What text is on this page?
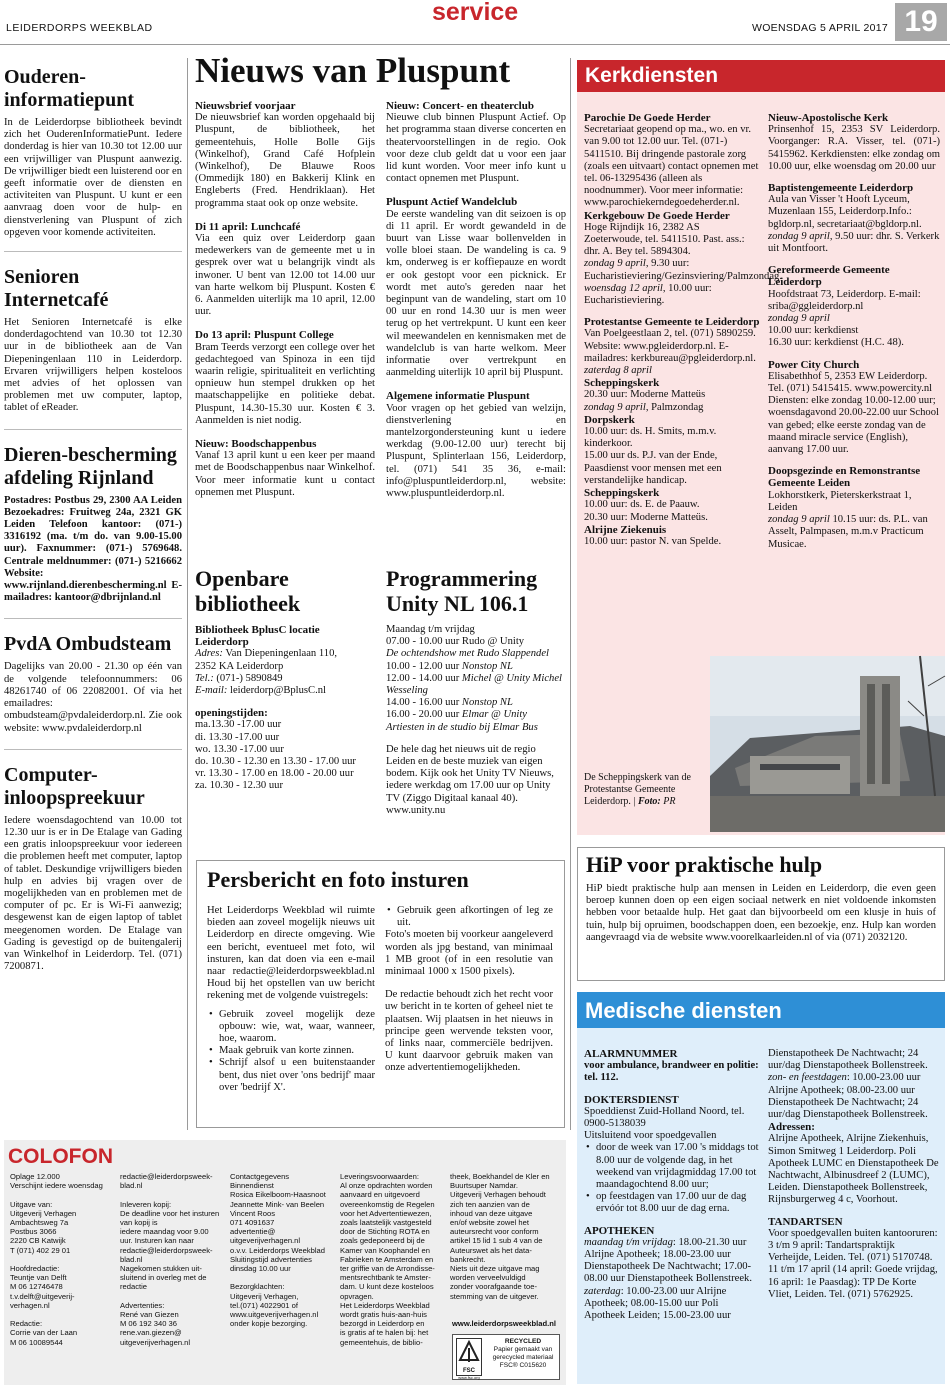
LEIDERDORPS WEEKBLAD
service
WOENSDAG 5 APRIL 2017 19
Ouderen-informatiepunt
In de Leiderdorpse bibliotheek bevindt zich het OuderenInformatiePunt. Iedere donderdag is hier van 10.30 tot 12.00 uur een vrijwilliger van Pluspunt aanwezig. De vrijwilliger biedt een luisterend oor en geeft informatie over de diensten en activiteiten van Pluspunt. U kunt er een aanvraag doen voor de hulp- en dienstverlening van Pluspunt of zich opgeven voor komende activiteiten.
Senioren Internetcafé
Het Senioren Internetcafé is elke donderdagochtend van 10.30 tot 12.30 uur in de bibliotheek aan de Van Diepeningenlaan 110 in Leiderdorp. Ervaren vrijwilligers helpen kosteloos met advies of het oplossen van problemen met uw computer, laptop, tablet of eReader.
Dieren-bescherming afdeling Rijnland
Postadres: Postbus 29, 2300 AA Leiden Bezoekadres: Fruitweg 24a, 2321 GK Leiden Telefoon kantoor: (071-) 3316192 (ma. t/m do. van 9.00-15.00 uur). Faxnummer: (071-) 5769648. Centrale meldnummer: (071-) 5216662 Website: www.rijnland.dierenbescherming.nl E-mailadres: kantoor@dbrijnland.nl
PvdA Ombudsteam
Dagelijks van 20.00 - 21.30 op één van de volgende telefoonnummers: 06 48261740 of 06 22082001. Of via het emailadres: ombudsteam@pvdaleiderdorp.nl. Zie ook website: www.pvdaleiderdorp.nl
Computer-inloopspreekuur
Iedere woensdagochtend van 10.00 tot 12.30 uur is er in De Etalage van Gading een gratis inloopspreekuur voor iedereen die problemen heeft met computer, laptop of tablet. Deskundige vrijwilligers bieden hulp en advies bij vragen over de mogelijkheden van en problemen met de computer of pc. Er is Wi-Fi aanwezig; desgewenst kan de eigen laptop of tablet meegenomen worden. De Etalage van Gading is gevestigd op de buitengalerij van Winkelhof in Leiderdorp. Tel. (071) 7200871.
Nieuws van Pluspunt
Nieuwsbrief voorjaar
De nieuwsbrief kan worden opgehaald bij Pluspunt, de bibliotheek, het gemeentehuis, Holle Bolle Gijs (Winkelhof), Grand Café Hofplein (Winkelhof), De Blauwe Roos (Ommedijk 180) en Bakkerij Klink en Engleberts (Fred. Hendriklaan). Het programma staat ook op onze website.
Di 11 april: Lunchcafé
Via een quiz over Leiderdorp gaan medewerkers van de gemeente met u in gesprek over wat u belangrijk vindt als inwoner. U bent van 12.00 tot 14.00 uur van harte welkom bij Pluspunt. Kosten € 6. Aanmelden uiterlijk ma 10 april, 12.00 uur.
Do 13 april: Pluspunt College
Bram Teerds verzorgt een college over het gedachtegoed van Spinoza in een tijd waarin religie, spiritualiteit en verlichting opnieuw hun stempel drukken op het maatschappelijke en politieke debat. Pluspunt, 14.30-15.30 uur. Kosten € 3. Aanmelden is niet nodig.
Nieuw: Boodschappenbus
Vanaf 13 april kunt u een keer per maand met de Boodschappenbus naar Winkelhof. Voor meer informatie kunt u contact opnemen met Pluspunt.
Nieuw: Concert- en theaterclub
Nieuwe club binnen Pluspunt Actief. Op het programma staan diverse concerten en theatervoorstellingen in de regio. Ook voor deze club geldt dat u voor een jaar lid kunt worden. Voor meer info kunt u contact opnemen met Pluspunt.
Pluspunt Actief Wandelclub
De eerste wandeling van dit seizoen is op di 11 april. Er wordt gewandeld in de buurt van Lisse waar bollenvelden in volle bloei staan. De wandeling is ca. 9 km, onderweg is er koffiepauze en wordt er ook gestopt voor een picknick. Er wordt met auto's gereden naar het beginpunt van de wandeling, start om 10 00 uur en rond 14.30 uur is men weer terug op het vertrekpunt. U kunt een keer wil meewandelen en kennismaken met de wandelclub is van harte welkom. Meer informatie over vertrekpunt en aanmelding uiterlijk 10 april bij Pluspunt.
Algemene informatie Pluspunt
Voor vragen op het gebied van welzijn, dienstverlening en mantelzorgondersteuning kunt u iedere werkdag (9.00-12.00 uur) terecht bij Pluspunt, Splinterlaan 156, Leiderdorp, tel. (071) 541 35 36, e-mail: info@pluspuntleiderdorp.nl, website: www.pluspuntleiderdorp.nl.
Openbare bibliotheek
Bibliotheek BplusC locatie Leiderdorp
Adres: Van Diepeningenlaan 110,
2352 KA Leiderdorp
Tel.: (071-) 5890849
E-mail: leiderdorp@BplusC.nl
openingstijden:
ma.13.30 -17.00 uur
di. 13.30 -17.00 uur
wo. 13.30 -17.00 uur
do. 10.30 - 12.30 en 13.30 - 17.00 uur
vr. 13.30 - 17.00 en 18.00 - 20.00 uur
za. 10.30 - 12.30 uur
Programmering Unity NL 106.1
Maandag t/m vrijdag
07.00 - 10.00 uur Rudo @ Unity
De ochtendshow met Rudo Slappendel
10.00 - 12.00 uur Nonstop NL
12.00 - 14.00 uur Michel @ Unity Michel Wesseling
14.00 - 16.00 uur Nonstop NL
16.00 - 20.00 uur Elmar @ Unity Artiesten in de studio bij Elmar Bus
De hele dag het nieuws uit de regio Leiden en de beste muziek van eigen bodem. Kijk ook het Unity TV Nieuws, iedere werkdag om 17.00 uur op Unity TV (Ziggo Digitaal kanaal 40). www.unity.nu
Persbericht en foto insturen
Het Leiderdorps Weekblad wil ruimte bieden aan zoveel mogelijk nieuws uit Leiderdorp en directe omgeving. Wie een bericht, eventueel met foto, wil insturen, kan dat doen via een e-mail naar redactie@leiderdorpsweekblad.nl Houd bij het opstellen van uw bericht rekening met de volgende vuistregels:
• Gebruik zoveel mogelijk deze opbouw: wie, wat, waar, wanneer, hoe, waarom.
• Maak gebruik van korte zinnen.
• Schrijf alsof u een buitenstaander bent, dus niet over 'ons bedrijf' maar over 'bedrijf X'.
• Gebruik geen afkortingen of leg ze uit.
Foto's moeten bij voorkeur aangeleverd worden als jpg bestand, van minimaal 1 MB groot (of in een resolutie van minimaal 1000 x 1500 pixels).
De redactie behoudt zich het recht voor uw bericht in te korten of geheel niet te plaatsen. Wij plaatsen in het nieuws in principe geen wervende teksten voor, of links naar, commerciële bedrijven. U kunt daarvoor gebruik maken van onze advertentiemogelijkheden.
Kerkdiensten
Parochie De Goede Herder
Secretariaat geopend op ma., wo. en vr. van 9.00 tot 12.00 uur. Tel. (071-) 5411510. Bij dringende pastorale zorg (zoals een uitvaart) contact opnemen met tel. 06-13295436 (alleen als noodnummer). Voor meer informatie: www.parochiekerndegoedeherder.nl.
Kerkgebouw De Goede Herder
Hoge Rijndijk 16, 2382 AS Zoeterwoude, tel. 5411510. Past. ass.: dhr. A. Bey tel. 5894304.
zondag 9 april, 9.30 uur: Eucharistieviering/Gezinsviering/Palmzondag.
woensdag 12 april, 10.00 uur: Eucharistieviering.
Protestantse Gemeente te Leiderdorp
Van Poelgeestlaan 2, tel. (071) 5890259. Website: www.pgleiderdorp.nl. E-mailadres: kerkbureau@pgleiderdorp.nl.
zaterdag 8 april
Scheppingskerk
20.30 uur: Moderne Matteüs
zondag 9 april, Palmzondag
Dorpskerk
10.00 uur: ds. H. Smits, m.m.v. kinderkoor.
15.00 uur ds. P.J. van der Ende, Paasdienst voor mensen met een verstandelijke handicap.
Scheppingskerk
10.00 uur: ds. E. de Paauw.
20.30 uur: Moderne Matteüs.
Alrijne Ziekenuis
10.00 uur: pastor N. van Spelde.
Nieuw-Apostolische Kerk
Prinsenhof 15, 2353 SV Leiderdorp. Voorganger: R.A. Visser, tel. (071-) 5415962. Kerkdiensten: elke zondag om 10.00 uur, elke woensdag om 20.00 uur
Baptistengemeente Leiderdorp
Aula van Visser 't Hooft Lyceum, Muzenlaan 155, Leiderdorp.Info.: bgldorp.nl, secretariaat@bgldorp.nl.
zondag 9 april, 9.50 uur: dhr. S. Verkerk uit Montfoort.
Gereformeerde Gemeente Leiderdorp
Hoofdstraat 73, Leiderdorp. E-mail: sriba@ggleiderdorp.nl
zondag 9 april
10.00 uur: kerkdienst
16.30 uur: kerkdienst (H.C. 48).
Power City Church
Elisabethhof 5, 2353 EW Leiderdorp. Tel. (071) 5415415. www.powercity.nl Diensten: elke zondag 10.00-12.00 uur; woensdagavond 20.00-22.00 uur School van gebed; elke eerste zondag van de maand miracle service (English), aanvang 17.00 uur.
Doopsgezinde en Remonstrantse Gemeente Leiden
Lokhorstkerk, Pieterskerkstraat 1, Leiden
zondag 9 april 10.15 uur: ds. P.L. van Asselt, Palmpasen, m.m.v Practicum Musicae.
De Scheppingskerk van de Protestantse Gemeente Leiderdorp. | Foto: PR
HiP voor praktische hulp
HiP biedt praktische hulp aan mensen in Leiden en Leiderdorp, die even geen beroep kunnen doen op een eigen sociaal netwerk en niet voldoende inkomsten hebben voor betaalde hulp. Het gaat dan bijvoorbeeld om een klusje in huis of tuin, hulp bij opruimen, boodschappen doen, een bezoekje, enz. Hulp kan worden aangevraagd via de website www.voorelkaarleiden.nl of via (071) 2032120.
Medische diensten
ALARMNUMMER
voor ambulance, brandweer en politie: tel. 112.
DOKTERSDIENST
Spoeddienst Zuid-Holland Noord, tel. 0900-5138039
Uitsluitend voor spoedgevallen
• door de week van 17.00 's middags tot 8.00 uur de volgende dag, in het weekend van vrijdagmiddag 17.00 tot maandagochtend 8.00 uur;
• op feestdagen van 17.00 uur de dag ervóór tot 8.00 uur de dag erna.
APOTHEKEN
maandag t/m vrijdag: 18.00-21.30 uur Alrijne Apotheek; 18.00-23.00 uur Dienstapotheek De Nachtwacht; 17.00-08.00 uur Dienstapotheek Bollenstreek.
zaterdag: 10.00-23.00 uur Alrijne Apotheek; 08.00-15.00 uur Poli Apotheek Leiden; 15.00-23.00 uur
Dienstapotheek De Nachtwacht; 24 uur/dag Dienstapotheek Bollenstreek.
zon- en feestdagen: 10.00-23.00 uur Alrijne Apotheek; 08.00-23.00 uur Dienstapotheek De Nachtwacht; 24 uur/dag Dienstapotheek Bollenstreek.
Adressen:
Alrijne Apotheek, Alrijne Ziekenhuis, Simon Smitweg 1 Leiderdorp. Poli Apotheek LUMC en Dienstapotheek De Nachtwacht, Albinusdreef 2 (LUMC), Leiden. Dienstapotheek Bollenstreek, Rijnsburgerweg 4 c, Voorhout.
TANDARTSEN
Voor spoedgevallen buiten kantooruren:
3 t/m 9 april: Tandartspraktijk Verheijde, Leiden. Tel. (071) 5170748. 11 t/m 17 april (14 april: Goede vrijdag, 16 april: 1e Paasdag): TP De Korte Vliet, Leiden. Tel. (071) 5762925.
COLOFON
Oplage 12.000
Verschijnt iedere woensdag

Uitgave van:
Uitgeverij Verhagen
Ambachtsweg 7a
Postbus 3066
2220 CB Katwijk
T (071) 402 29 01

Hoofdredactie:
Teuntje van Delft
M 06 12746478
t.v.delft@uitgeverij-
verhagen.nl

Redactie:
Corrie van der Laan
M 06 10089544
redactie@leiderdorpsweek-
blad.nl

Inleveren kopij:
De deadline voor het insturen van kopij is
iedere maandag voor 9.00
uur. Insturen kan naar
redactie@leiderdorpsweek-
blad.nl
Nagekomen stukken uit-
sluitend in overleg met de
redactie

Advertenties:
René van Giezen
M 06 192 340 36
rene.van.giezen@
uitgeverijverhagen.nl
Contactgegevens
Binnendienst
Rosica Eikelboom-Haasnoot
Jeannette Mink- van Beelen
Vincent Roos
071 4091637
advertentie@
uitgeverijverhagen.nl
o.v.v. Leiderdorps Weekblad
Sluitingstijd advertenties
dinsdag 10.00 uur

Bezorgklachten:
Uitgeverij Verhagen,
tel.(071) 4022901 of
www.uitgeverijverhagen.nl
onder kopje bezorging.
Leveringsvoorwaarden:
Al onze opdrachten worden
aanvaard en uitgevoerd
overeenkomstig de Regelen
voor het Advertentiewezen,
zoals laatstelijk vastgesteld
door de Stichting ROTA en
zoals gedeponeerd bij de
Kamer van Koophandel en
Fabrieken te Amsterdam en
ter griffie van de Arrondisse-
mentsrechtbank te Amster-
dam. U kunt deze kosteloos
opvragen.
Het Leiderdorps Weekblad
wordt gratis huis-aan-huis
bezorgd in Leiderdorp en
is gratis af te halen bij: het
gemeentehuis, de biblio-
theek, Boekhandel de Kler en
Buurtsuper Namdar.
Uitgeverij Verhagen behoudt
zich ten aanzien van de
inhoud van deze uitgave
en/of website zowel het
auteursrecht voor conform
artikel 15 lid 1 sub 4 van de
Auteurswet als het data-
bankrecht.
Niets uit deze uitgave mag
worden verveelvuldigd
zonder voorafgaande toe-
stemming van de uitgever.
www.leiderdorpsweekblad.nl
FSC
www.fsc.org
RECYCLED
Papier gemaakt van
gerecycled materiaal
FSC® C015620
